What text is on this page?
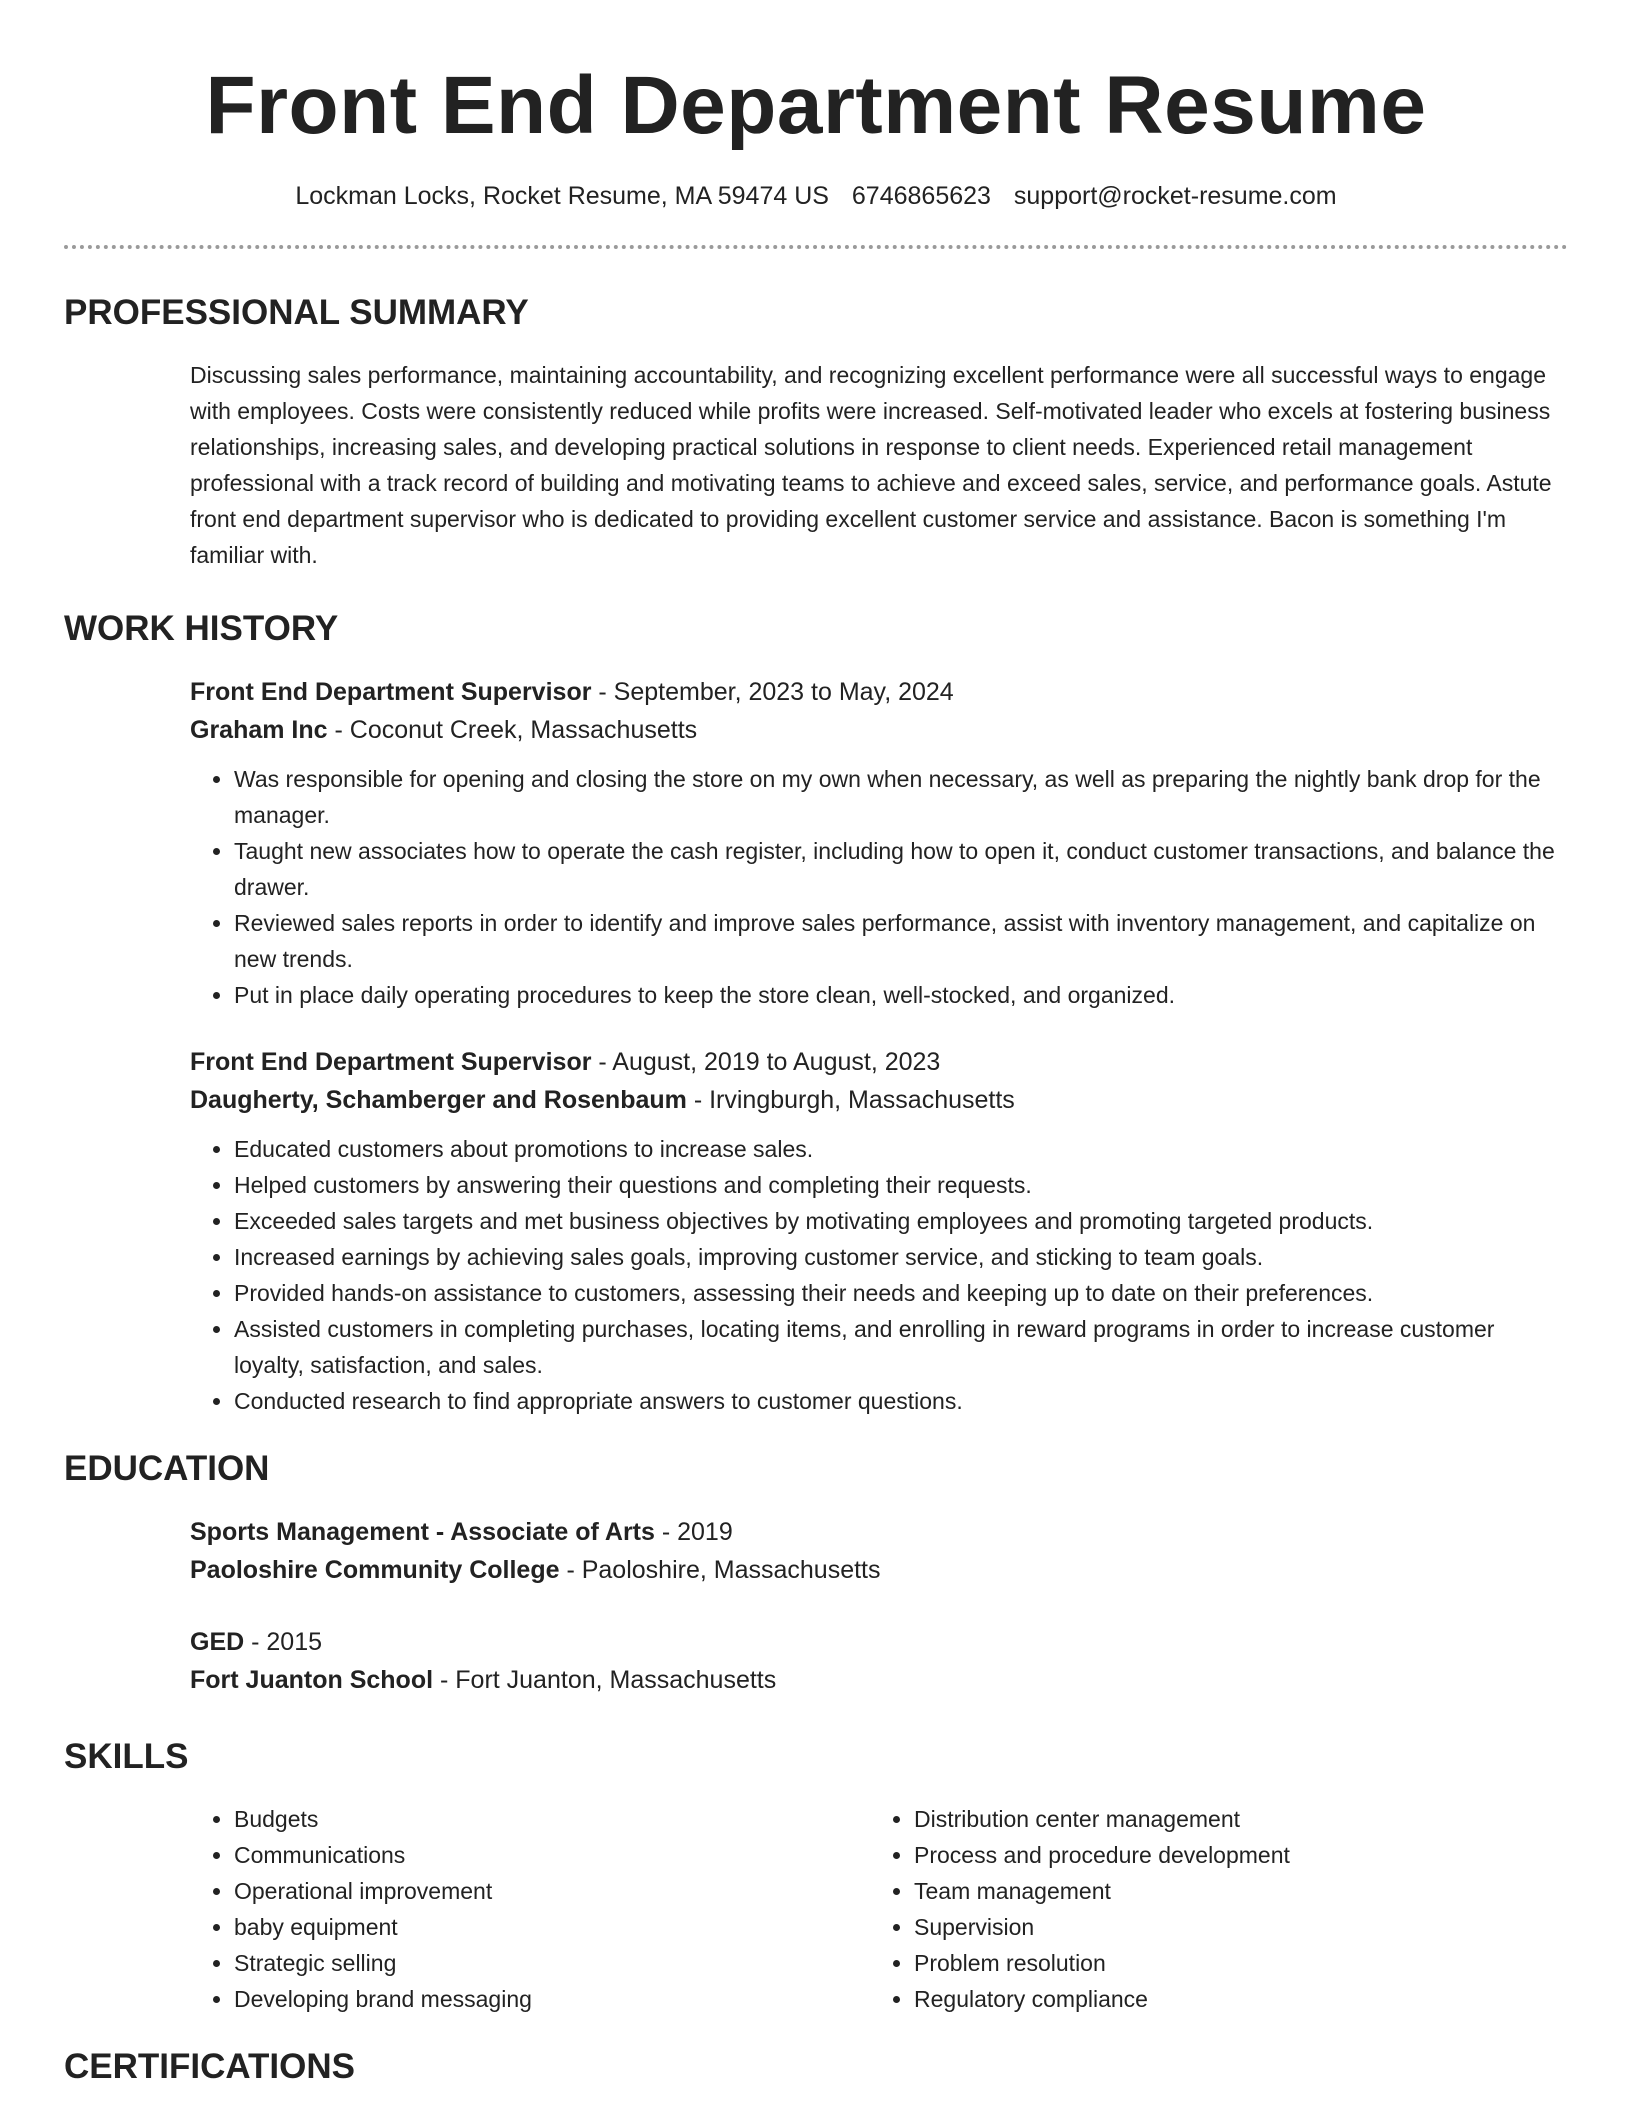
Front End Department Resume
Lockman Locks, Rocket Resume, MA 59474 US 6746865623 support@rocket-resume.com
PROFESSIONAL SUMMARY

Discussing sales performance, maintaining accountability, and recognizing excellent performance were all successful ways to engage with employees. Costs were consistently reduced while profits were increased. Self-motivated leader who excels at fostering business relationships, increasing sales, and developing practical solutions in response to client needs. Experienced retail management professional with a track record of building and motivating teams to achieve and exceed sales, service, and performance goals. Astute front end department supervisor who is dedicated to providing excellent customer service and assistance. Bacon is something I'm familiar with.

WORK HISTORY
Front End Department Supervisor - September, 2023 to May, 2024
Graham Inc - Coconut Creek, Massachusetts
• Was responsible for opening and closing the store on my own when necessary, as well as preparing the nightly bank drop for the manager.
• Taught new associates how to operate the cash register, including how to open it, conduct customer transactions, and balance the drawer.
• Reviewed sales reports in order to identify and improve sales performance, assist with inventory management, and capitalize on new trends.
• Put in place daily operating procedures to keep the store clean, well-stocked, and organized.
Front End Department Supervisor - August, 2019 to August, 2023
Daugherty, Schamberger and Rosenbaum - Irvingburgh, Massachusetts
• Educated customers about promotions to increase sales.
• Helped customers by answering their questions and completing their requests.
• Exceeded sales targets and met business objectives by motivating employees and promoting targeted products.
• Increased earnings by achieving sales goals, improving customer service, and sticking to team goals.
• Provided hands-on assistance to customers, assessing their needs and keeping up to date on their preferences.
• Assisted customers in completing purchases, locating items, and enrolling in reward programs in order to increase customer loyalty, satisfaction, and sales.
• Conducted research to find appropriate answers to customer questions.
EDUCATION
Sports Management - Associate of Arts - 2019
Paoloshire Community College - Paoloshire, Massachusetts
GED - 2015
Fort Juanton School - Fort Juanton, Massachusetts
SKILLS
• Budgets
• Communications
• Operational improvement
• baby equipment
• Strategic selling
• Developing brand messaging
• Distribution center management
• Process and procedure development
• Team management
• Supervision
• Problem resolution
• Regulatory compliance
CERTIFICATIONS
